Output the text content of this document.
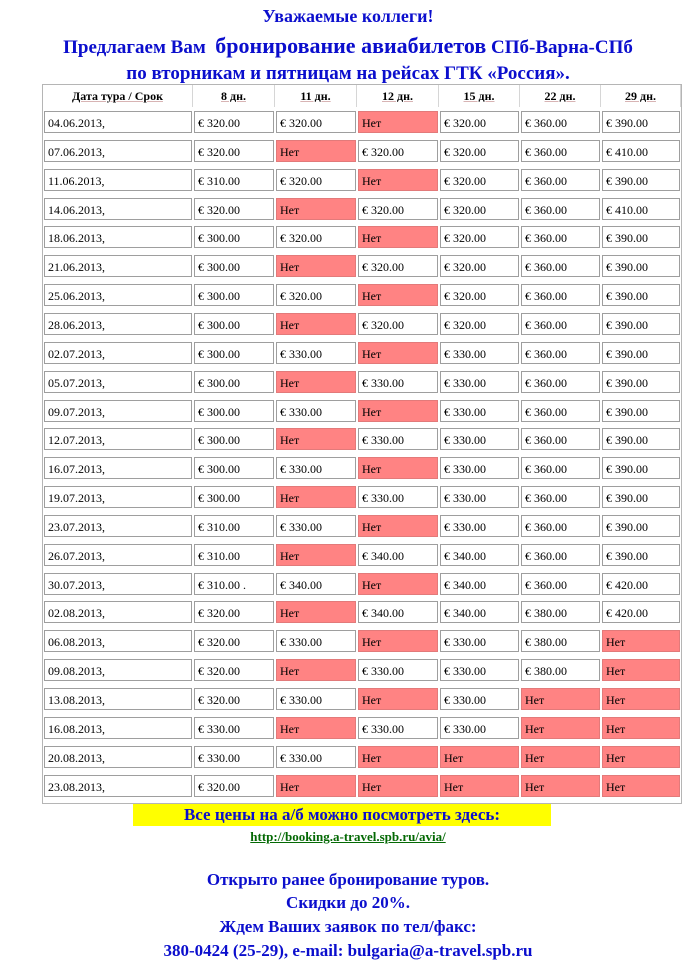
Уважаемые коллеги!
Предлагаем Вам бронирование авиабилетов СПб-Варна-СПб
по вторникам и пятницам на рейсах ГТК «Россия».
Дата тура / Срок	8 дн.	11 дн.	12 дн.	15 дн.	22 дн.	29 дн.
04.06.2013,	€ 320.00	€ 320.00	Нет	€ 320.00	€ 360.00	€ 390.00
07.06.2013,	€ 320.00	Нет	€ 320.00	€ 320.00	€ 360.00	€ 410.00
11.06.2013,	€ 310.00	€ 320.00	Нет	€ 320.00	€ 360.00	€ 390.00
14.06.2013,	€ 320.00	Нет	€ 320.00	€ 320.00	€ 360.00	€ 410.00
18.06.2013,	€ 300.00	€ 320.00	Нет	€ 320.00	€ 360.00	€ 390.00
21.06.2013,	€ 300.00	Нет	€ 320.00	€ 320.00	€ 360.00	€ 390.00
25.06.2013,	€ 300.00	€ 320.00	Нет	€ 320.00	€ 360.00	€ 390.00
28.06.2013,	€ 300.00	Нет	€ 320.00	€ 320.00	€ 360.00	€ 390.00
02.07.2013,	€ 300.00	€ 330.00	Нет	€ 330.00	€ 360.00	€ 390.00
05.07.2013,	€ 300.00	Нет	€ 330.00	€ 330.00	€ 360.00	€ 390.00
09.07.2013,	€ 300.00	€ 330.00	Нет	€ 330.00	€ 360.00	€ 390.00
12.07.2013,	€ 300.00	Нет	€ 330.00	€ 330.00	€ 360.00	€ 390.00
16.07.2013,	€ 300.00	€ 330.00	Нет	€ 330.00	€ 360.00	€ 390.00
19.07.2013,	€ 300.00	Нет	€ 330.00	€ 330.00	€ 360.00	€ 390.00
23.07.2013,	€ 310.00	€ 330.00	Нет	€ 330.00	€ 360.00	€ 390.00
26.07.2013,	€ 310.00	Нет	€ 340.00	€ 340.00	€ 360.00	€ 390.00
30.07.2013,	€ 310.00 .	€ 340.00	Нет	€ 340.00	€ 360.00	€ 420.00
02.08.2013,	€ 320.00	Нет	€ 340.00	€ 340.00	€ 380.00	€ 420.00
06.08.2013,	€ 320.00	€ 330.00	Нет	€ 330.00	€ 380.00	Нет
09.08.2013,	€ 320.00	Нет	€ 330.00	€ 330.00	€ 380.00	Нет
13.08.2013,	€ 320.00	€ 330.00	Нет	€ 330.00	Нет	Нет
16.08.2013,	€ 330.00	Нет	€ 330.00	€ 330.00	Нет	Нет
20.08.2013,	€ 330.00	€ 330.00	Нет	Нет	Нет	Нет
23.08.2013,	€ 320.00	Нет	Нет	Нет	Нет	Нет
Все цены на а/б можно посмотреть здесь:
http://booking.a-travel.spb.ru/avia/
Открыто ранее бронирование туров.
Скидки до 20%.
Ждем Ваших заявок по тел/факс:
380-0424 (25-29), e-mail: bulgaria@a-travel.spb.ru
